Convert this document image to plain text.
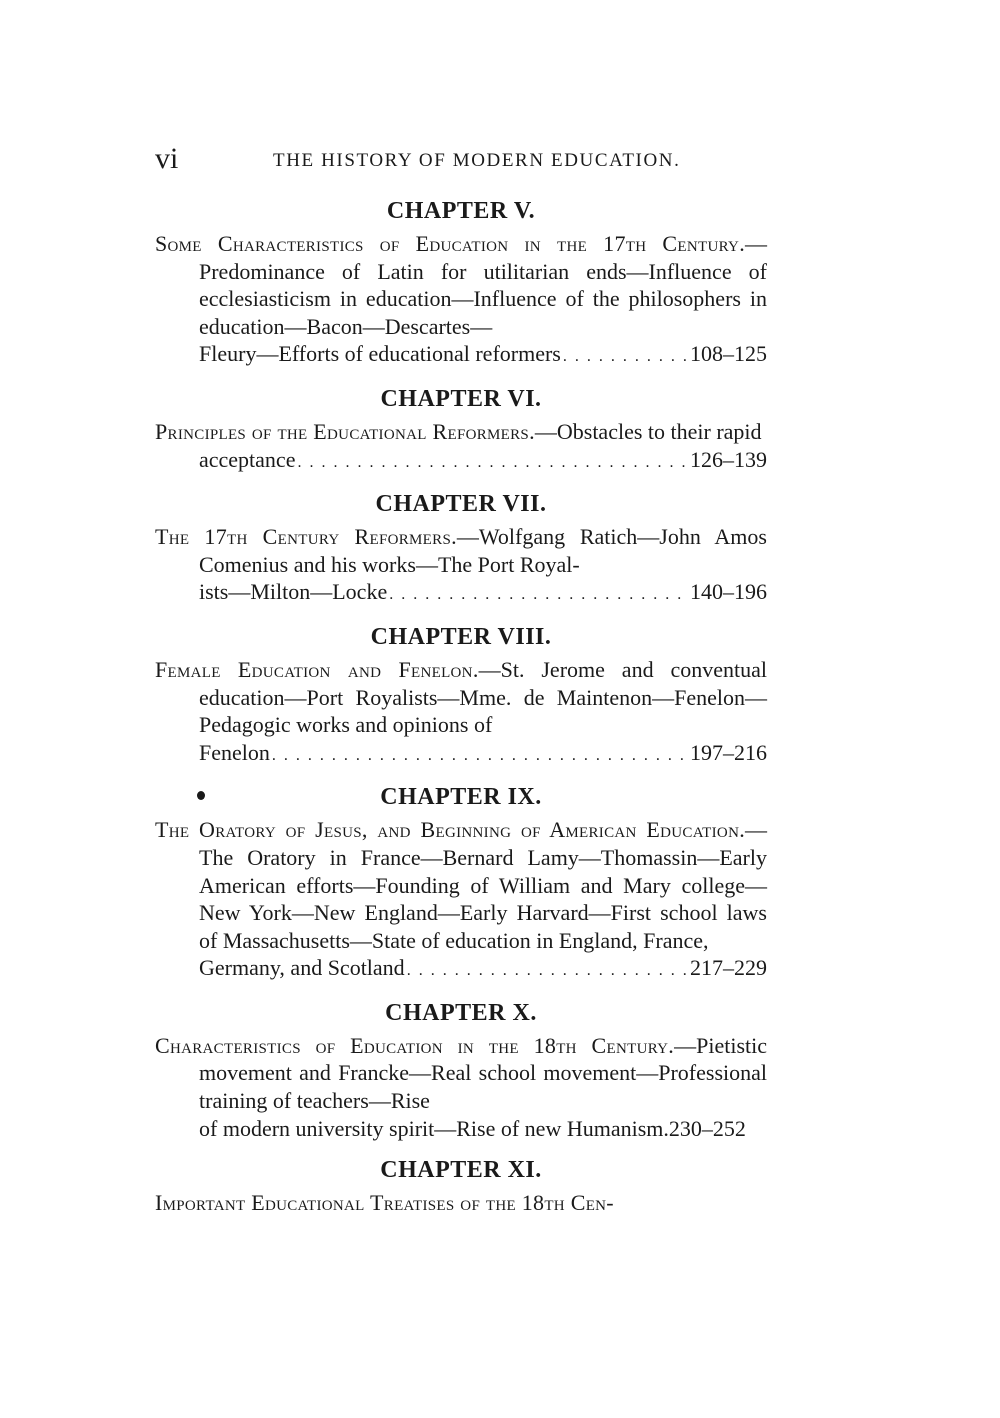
vi	THE HISTORY OF MODERN EDUCATION.
CHAPTER V.

Some Characteristics of Education in the 17th Century.—Predominance of Latin for utilitarian ends—Influence of ecclesiasticism in education—Influence of the philosophers in education—Bacon—Descartes—
Fleury—Efforts of educational reformers . . .	108–125

CHAPTER VI.

Principles of the Educational Reformers.—Obstacles to their rapid
acceptance . . .	126–139

CHAPTER VII.

The 17th Century Reformers.—Wolfgang Ratich—John Amos Comenius and his works—The Port Royal-
ists—Milton—Locke . . .	140–196

CHAPTER VIII.

Female Education and Fenelon.—St. Jerome and conventual education—Port Royalists—Mme. de Maintenon—Fenelon—Pedagogic works and opinions of
Fenelon . . .	197–216

CHAPTER IX.

The Oratory of Jesus, and Beginning of American Education.—The Oratory in France—Bernard Lamy—Thomassin—Early American efforts—Founding of William and Mary college—New York—New England—Early Harvard—First school laws of Massachusetts—State of education in England, France,
Germany, and Scotland . . .	217–229

CHAPTER X.

Characteristics of Education in the 18th Century.—Pietistic movement and Francke—Real school movement—Professional training of teachers—Rise
of modern university spirit—Rise of new Humanism. 230–252

CHAPTER XI.

Important Educational Treatises of the 18th Cen-
